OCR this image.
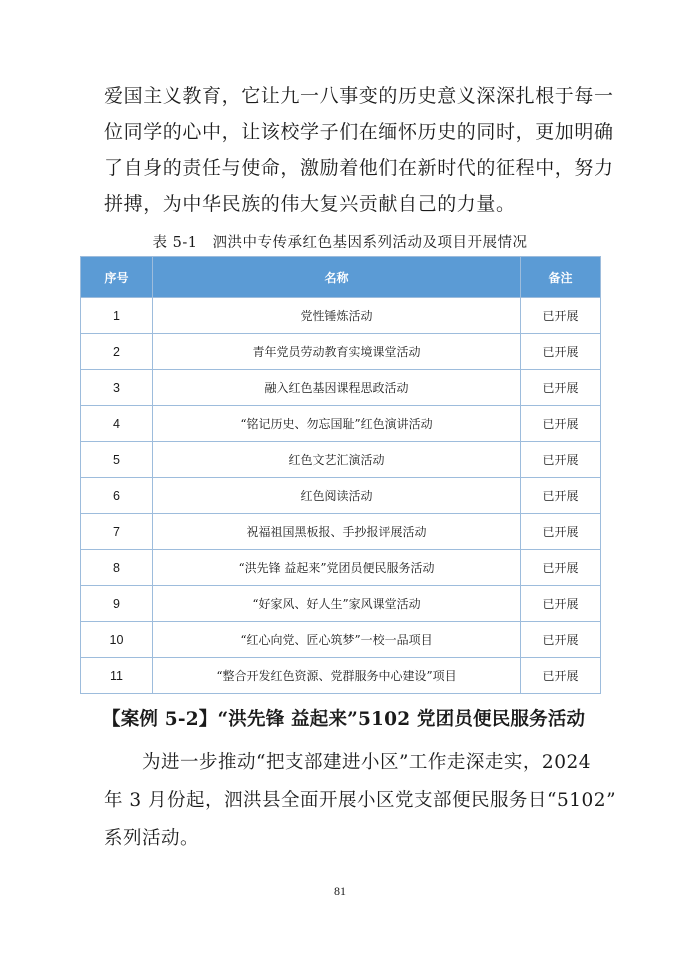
爱国主义教育，它让九一八事变的历史意义深深扎根于每一

位同学的心中，让该校学子们在缅怀历史的同时，更加明确

了自身的责任与使命，激励着他们在新时代的征程中，努力

拼搏，为中华民族的伟大复兴贡献自己的力量。

表 5-1　泗洪中专传承红色基因系列活动及项目开展情况
序号	名称	备注
1	党性锤炼活动	已开展
2	青年党员劳动教育实境课堂活动	已开展
3	融入红色基因课程思政活动	已开展
4	“铭记历史、勿忘国耻”红色演讲活动	已开展
5	红色文艺汇演活动	已开展
6	红色阅读活动	已开展
7	祝福祖国黑板报、手抄报评展活动	已开展
8	“洪先锋 益起来”党团员便民服务活动	已开展
9	“好家风、好人生”家风课堂活动	已开展
10	“红心向党、匠心筑梦”一校一品项目	已开展
11	“整合开发红色资源、党群服务中心建设”项目	已开展
【案例 5-2】“洪先锋 益起来”5102 党团员便民服务活动

为进一步推动“把支部建进小区”工作走深走实，2024

年 3 月份起，泗洪县全面开展小区党支部便民服务日“5102”

系列活动。

81
